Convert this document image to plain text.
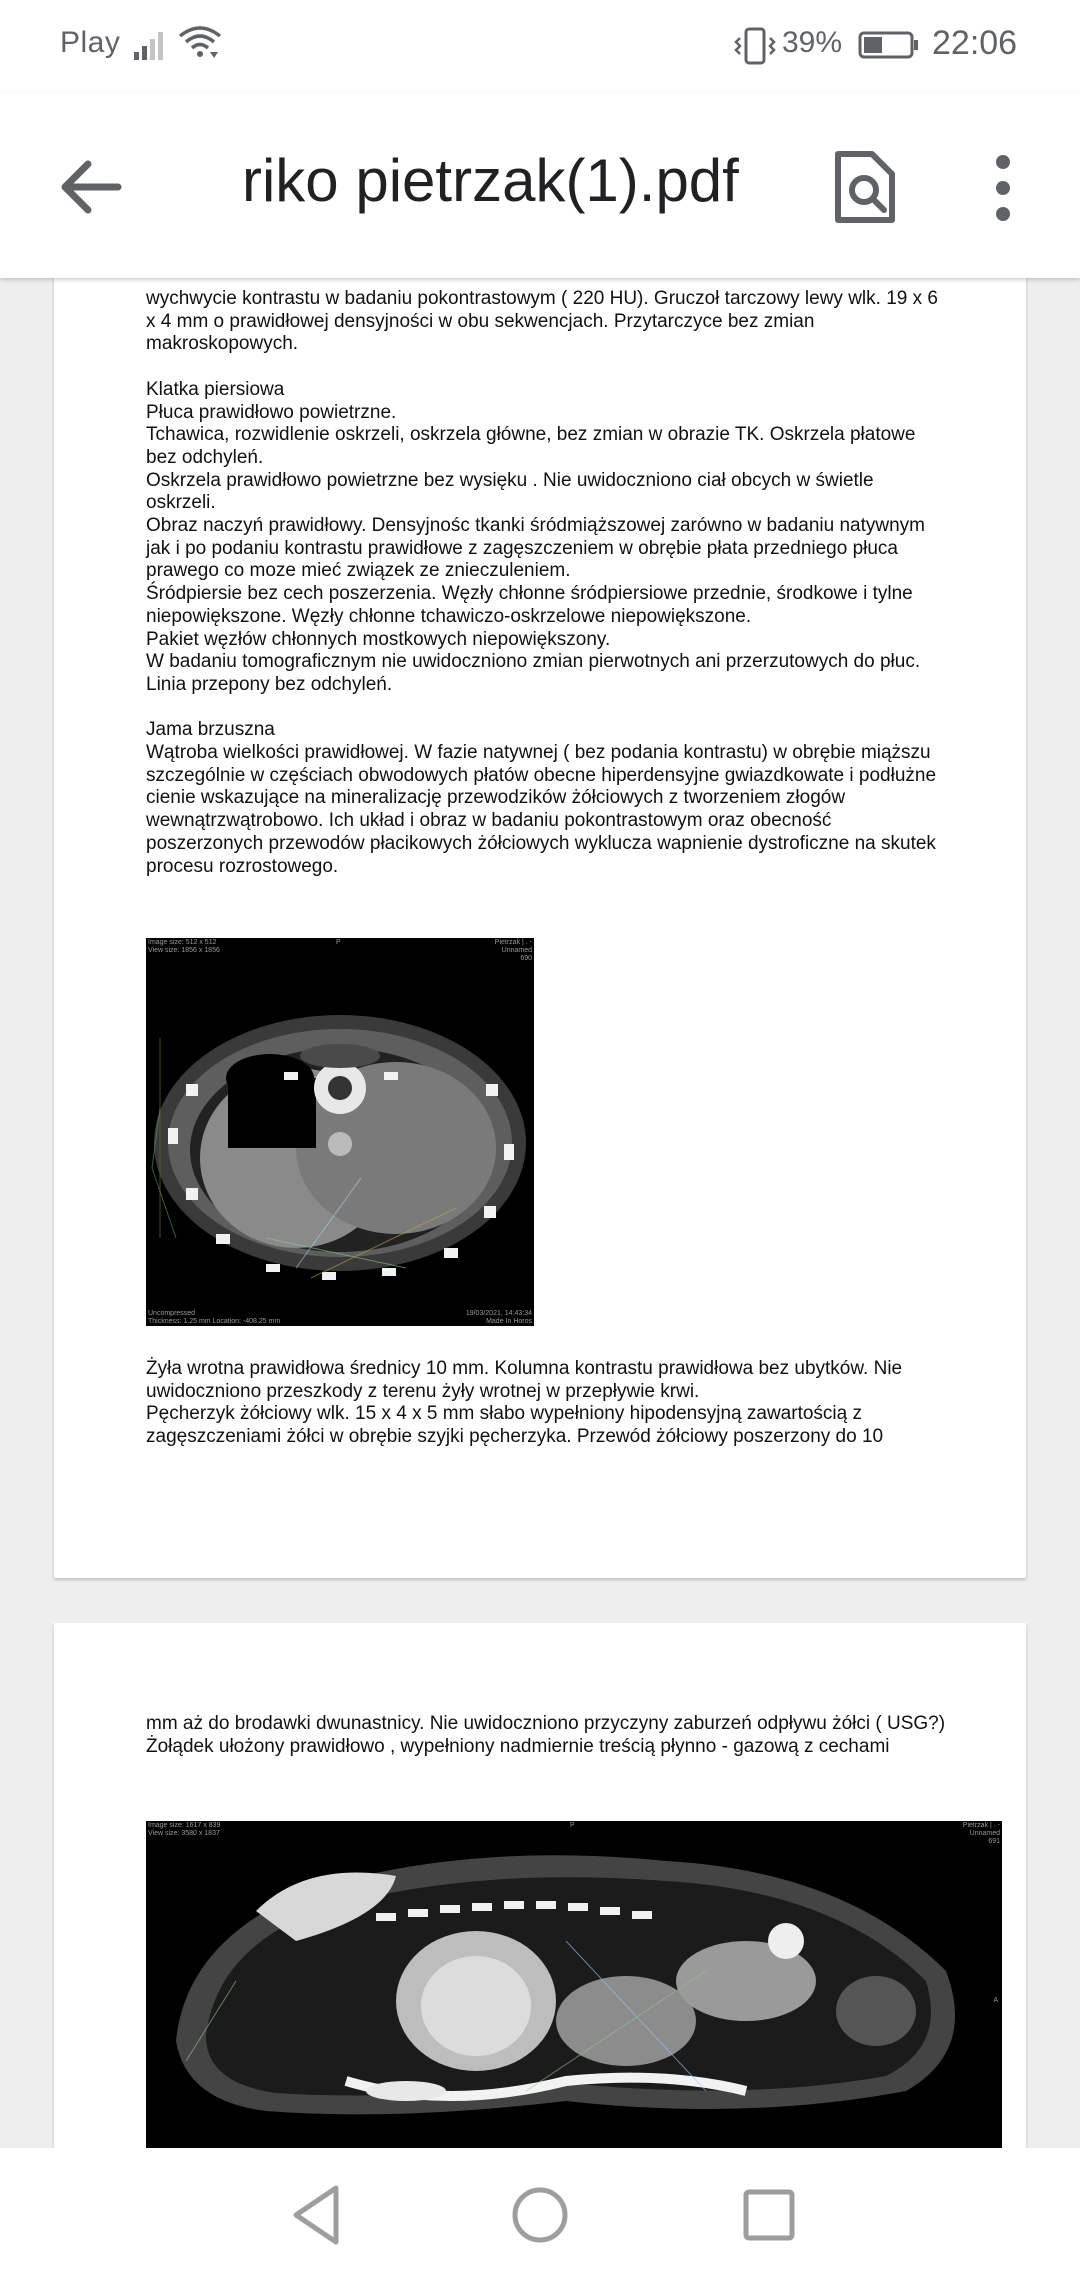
Play	39%	22:06
riko pietrzak(1).pdf

wychwycie kontrastu w badaniu pokontrastowym ( 220 HU). Gruczoł tarczowy lewy wlk. 19 x 6 x 4 mm o prawidłowej densyjności w obu sekwencjach. Przytarczyce bez zmian makroskopowych.

Klatka piersiowa

Płuca prawidłowo powietrzne.

Tchawica, rozwidlenie oskrzeli, oskrzela główne, bez zmian w obrazie TK. Oskrzela płatowe bez odchyleń.

Oskrzela prawidłowo powietrzne bez wysięku . Nie uwidoczniono ciał obcych w świetle oskrzeli.

Obraz naczyń prawidłowy. Densyjnośc tkanki śródmiąższowej zarówno w badaniu natywnym jak i po podaniu kontrastu prawidłowe z zagęszczeniem w obrębie płata przedniego płuca prawego co moze mieć związek ze znieczuleniem.

Śródpiersie bez cech poszerzenia. Węzły chłonne śródpiersiowe przednie, środkowe i tylne niepowiększone. Węzły chłonne tchawiczo-oskrzelowe niepowiększone.

Pakiet węzłów chłonnych mostkowych niepowiększony.

W badaniu tomograficznym nie uwidoczniono zmian pierwotnych ani przerzutowych do płuc.

Linia przepony bez odchyleń.

Jama brzuszna

Wątroba wielkości prawidłowej. W fazie natywnej ( bez podania kontrastu) w obrębie miąższu szczególnie w częściach obwodowych płatów obecne hiperdensyjne gwiazdkowate i podłużne cienie wskazujące na mineralizację przewodzików żółciowych z tworzeniem złogów wewnątrzwątrobowo. Ich układ i obraz w badaniu pokontrastowym oraz obecność poszerzonych przewodów płacikowych żółciowych wyklucza wapnienie dystroficzne na skutek procesu rozrostowego.

Image size: 512 x 512
View size: 1856 x 1856
P	Pietrzak | . -
Unnamed
690
Uncompressed
Thickness: 1.25 mm Location: -408.25 mm
19/03/2021, 14:43:34
Made In Horos

Żyła wrotna prawidłowa średnicy 10 mm. Kolumna kontrastu prawidłowa bez ubytków. Nie uwidoczniono przeszkody z terenu żyły wrotnej w przepływie krwi.

Pęcherzyk żółciowy wlk. 15 x 4 x 5 mm słabo wypełniony hipodensyjną zawartością z zagęszczeniami żółci w obrębie szyjki pęcherzyka. Przewód żółciowy poszerzony do 10

mm aż do brodawki dwunastnicy. Nie uwidoczniono przyczyny zaburzeń odpływu żółci ( USG?)

Żołądek ułożony prawidłowo , wypełniony nadmiernie treścią płynno - gazową z cechami

Image size: 1617 x 839
View size: 3580 x 1837
P	Pietrzak | . -
Unnamed
691
A
